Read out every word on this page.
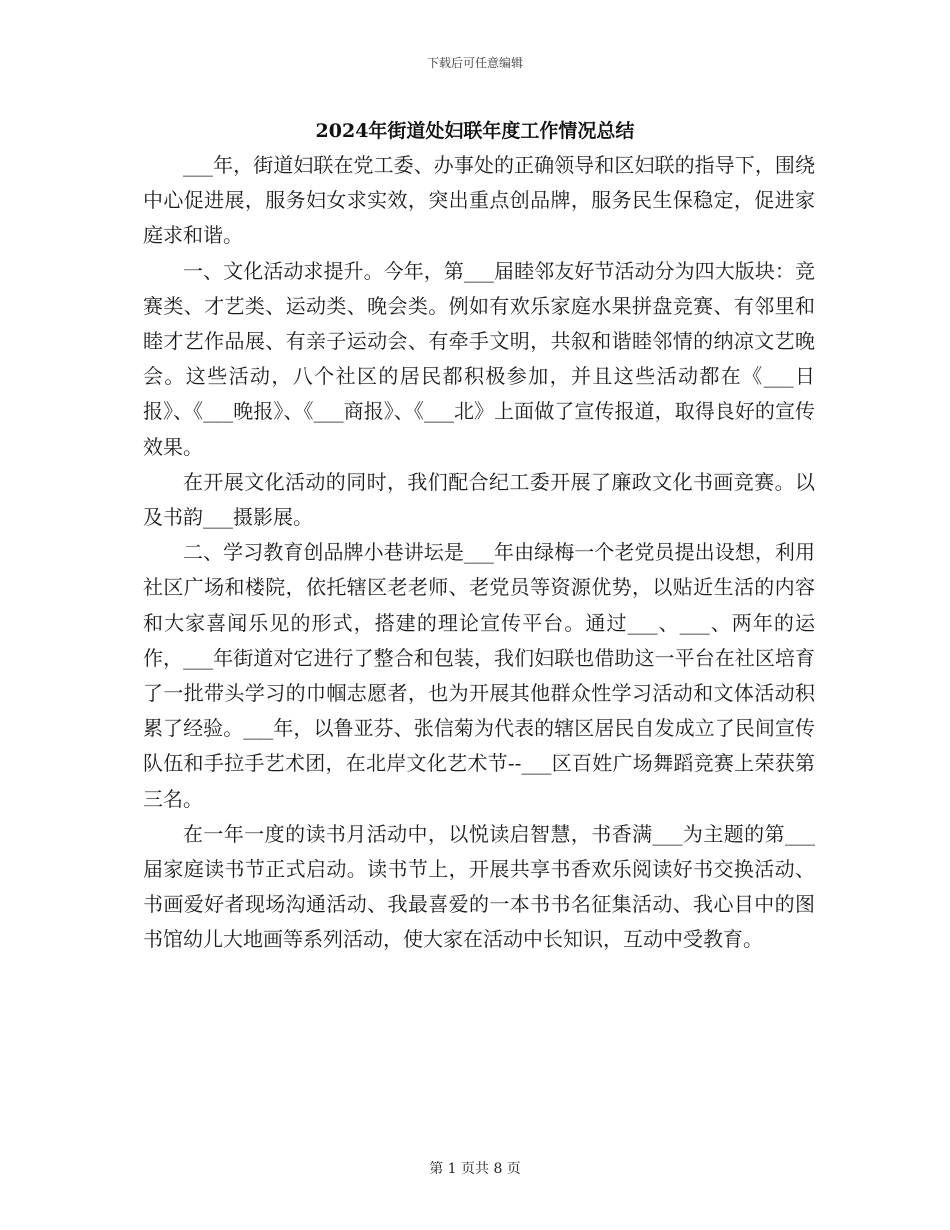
下载后可任意编辑
2024年街道处妇联年度工作情况总结

___年，街道妇联在党工委、办事处的正确领导和区妇联的指导下，围绕中心促进展，服务妇女求实效，突出重点创品牌，服务民生保稳定，促进家庭求和谐。

一、文化活动求提升。今年，第___届睦邻友好节活动分为四大版块：竞赛类、才艺类、运动类、晚会类。例如有欢乐家庭水果拼盘竞赛、有邻里和睦才艺作品展、有亲子运动会、有牵手文明，共叙和谐睦邻情的纳凉文艺晚会。这些活动，八个社区的居民都积极参加，并且这些活动都在《___日报》、《___晚报》、《___商报》、《___北》上面做了宣传报道，取得良好的宣传效果。

在开展文化活动的同时，我们配合纪工委开展了廉政文化书画竞赛。以及书韵___摄影展。

二、学习教育创品牌小巷讲坛是___年由绿梅一个老党员提出设想，利用社区广场和楼院，依托辖区老老师、老党员等资源优势，以贴近生活的内容和大家喜闻乐见的形式，搭建的理论宣传平台。通过___、___、两年的运作，___年街道对它进行了整合和包装，我们妇联也借助这一平台在社区培育了一批带头学习的巾帼志愿者，也为开展其他群众性学习活动和文体活动积累了经验。___年，以鲁亚芬、张信菊为代表的辖区居民自发成立了民间宣传队伍和手拉手艺术团，在北岸文化艺术节--___区百姓广场舞蹈竞赛上荣获第三名。

在一年一度的读书月活动中，以悦读启智慧，书香满___为主题的第___届家庭读书节正式启动。读书节上，开展共享书香欢乐阅读好书交换活动、书画爱好者现场沟通活动、我最喜爱的一本书书名征集活动、我心目中的图书馆幼儿大地画等系列活动，使大家在活动中长知识，互动中受教育。

第 1 页共 8 页
